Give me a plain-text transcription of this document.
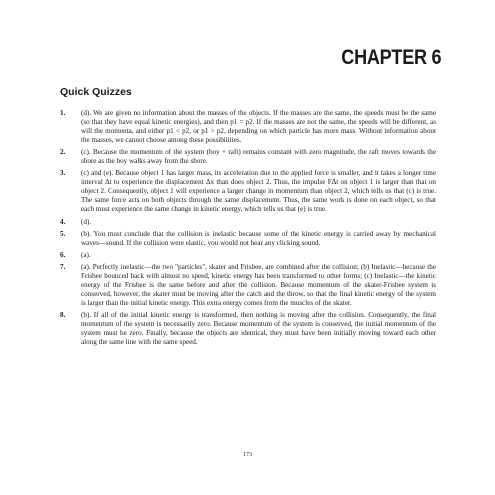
CHAPTER 6
Quick Quizzes
1.	(d). We are given no information about the masses of the objects. If the masses are the same, the speeds must be the same (so that they have equal kinetic energies), and then p1 = p2. If the masses are not the same, the speeds will be different, as will the momenta, and either p1 < p2, or p1 > p2, depending on which particle has more mass. Without information about the masses, we cannot choose among these possibilities.
2.	(c). Because the momentum of the system (boy + raft) remains constant with zero magnitude, the raft moves towards the shore as the boy walks away from the shore.
3.	(c) and (e). Because object 1 has larger mass, its acceleration due to the applied force is smaller, and it takes a longer time interval Δt to experience the displacement Δx than does object 2. Thus, the impulse FΔt on object 1 is larger than that on object 2. Consequently, object 1 will experience a larger change in momentum than object 2, which tells us that (c) is true. The same force acts on both objects through the same displacement. Thus, the same work is done on each object, so that each must experience the same change in kinetic energy, which tells us that (e) is true.
4.	(d).
5.	(b). You must conclude that the collision is inelastic because some of the kinetic energy is carried away by mechanical waves—sound. If the collision were elastic, you would not hear any clicking sound.
6.	(a).
7.	(a). Perfectly inelastic—the two "particles", skater and Frisbee, are combined after the collision; (b) Inelastic—because the Frisbee bounced back with almost no speed, kinetic energy has been transformed to other forms; (c) Inelastic—the kinetic energy of the Frisbee is the same before and after the collision. Because momentum of the skater-Frisbee system is conserved, however, the skater must be moving after the catch and the throw, so that the final kinetic energy of the system is larger than the initial kinetic energy. This extra energy comes from the muscles of the skater.
8.	(b). If all of the initial kinetic energy is transformed, then nothing is moving after the collision. Consequently, the final momentum of the system is necessarily zero. Because momentum of the system is conserved, the initial momentum of the system must be zero. Finally, because the objects are identical, they must have been initially moving toward each other along the same line with the same speed.
173
